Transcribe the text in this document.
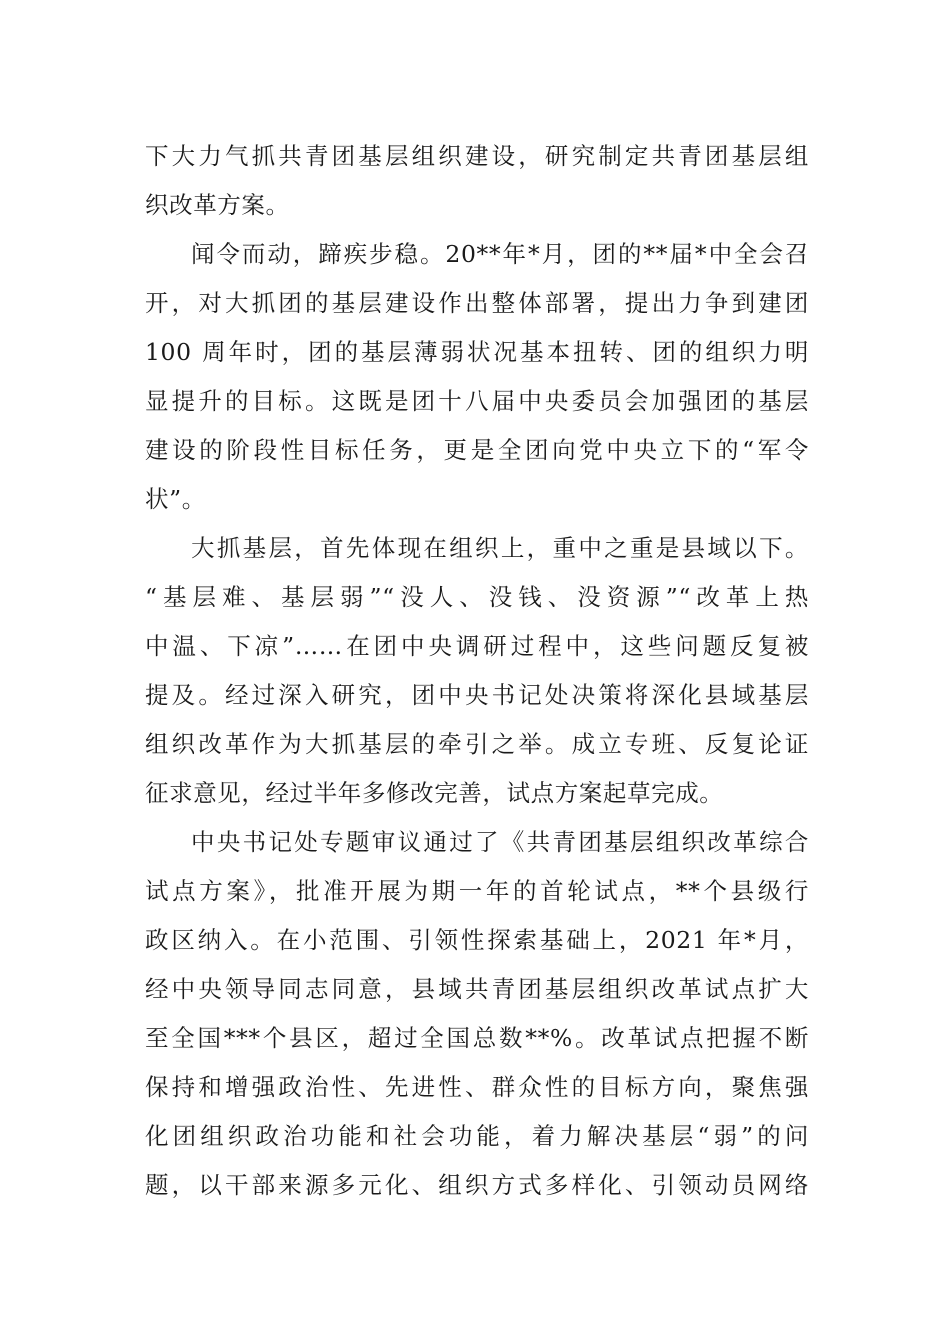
下大力气抓共青团基层组织建设，研究制定共青团基层组
织改革方案。
闻令而动，蹄疾步稳。20**年*月，团的**届*中全会召
开，对大抓团的基层建设作出整体部署，提出力争到建团
100 周年时，团的基层薄弱状况基本扭转、团的组织力明
显提升的目标。这既是团十八届中央委员会加强团的基层
建设的阶段性目标任务，更是全团向党中央立下的“军令
状”。
大抓基层，首先体现在组织上，重中之重是县域以下。
“基层难、基层弱”“没人、没钱、没资源”“改革上热
中温、下凉”……在团中央调研过程中，这些问题反复被
提及。经过深入研究，团中央书记处决策将深化县域基层
组织改革作为大抓基层的牵引之举。成立专班、反复论证
征求意见，经过半年多修改完善，试点方案起草完成。
中央书记处专题审议通过了《共青团基层组织改革综合
试点方案》，批准开展为期一年的首轮试点，**个县级行
政区纳入。在小范围、引领性探索基础上，2021 年*月，
经中央领导同志同意，县域共青团基层组织改革试点扩大
至全国***个县区，超过全国总数**%。改革试点把握不断
保持和增强政治性、先进性、群众性的目标方向，聚焦强
化团组织政治功能和社会功能，着力解决基层“弱”的问
题，以干部来源多元化、组织方式多样化、引领动员网络
